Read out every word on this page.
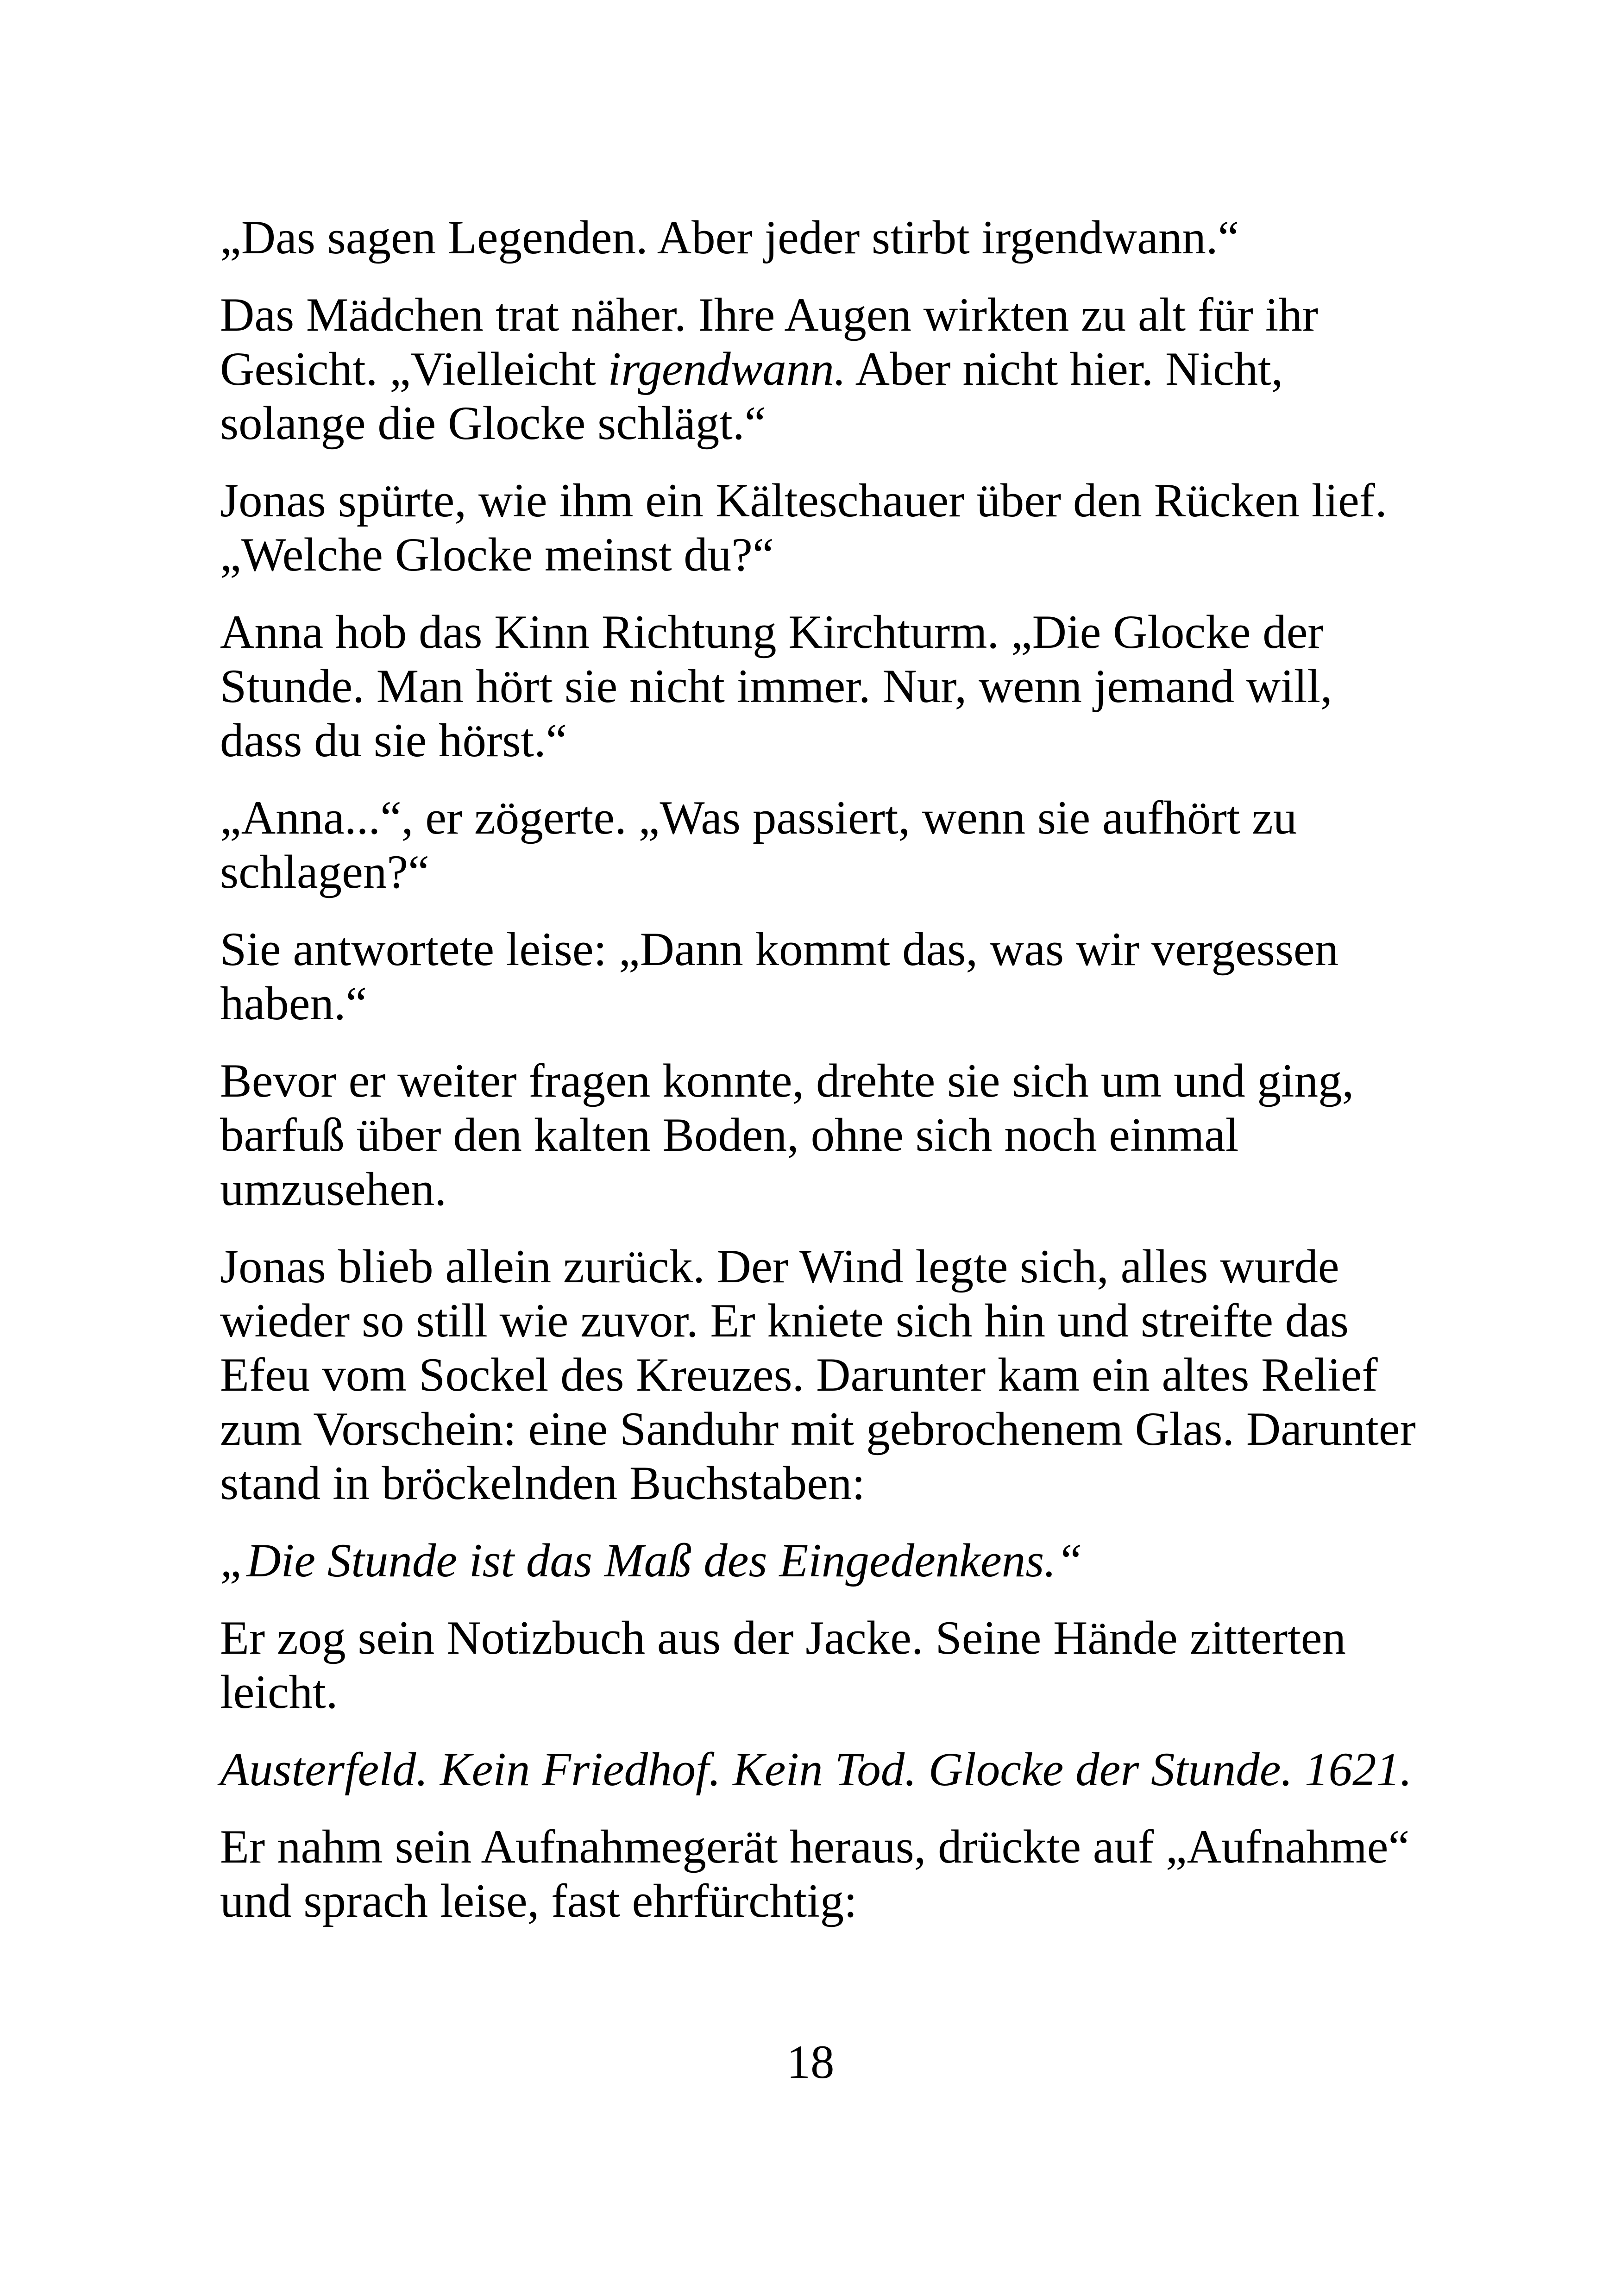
„Das sagen Legenden. Aber jeder stirbt irgendwann.“

Das Mädchen trat näher. Ihre Augen wirkten zu alt für ihr Gesicht. „Vielleicht irgendwann. Aber nicht hier. Nicht, solange die Glocke schlägt.“

Jonas spürte, wie ihm ein Kälteschauer über den Rücken lief. „Welche Glocke meinst du?“

Anna hob das Kinn Richtung Kirchturm. „Die Glocke der Stunde. Man hört sie nicht immer. Nur, wenn jemand will, dass du sie hörst.“

„Anna...“, er zögerte. „Was passiert, wenn sie aufhört zu schlagen?“

Sie antwortete leise: „Dann kommt das, was wir vergessen haben.“

Bevor er weiter fragen konnte, drehte sie sich um und ging, barfuß über den kalten Boden, ohne sich noch einmal umzusehen.

Jonas blieb allein zurück. Der Wind legte sich, alles wurde wieder so still wie zuvor. Er kniete sich hin und streifte das Efeu vom Sockel des Kreuzes. Darunter kam ein altes Relief zum Vorschein: eine Sanduhr mit gebrochenem Glas. Darunter stand in bröckelnden Buchstaben:

„Die Stunde ist das Maß des Eingedenkens.“

Er zog sein Notizbuch aus der Jacke. Seine Hände zitterten leicht.

Austerfeld. Kein Friedhof. Kein Tod. Glocke der Stunde. 1621.

Er nahm sein Aufnahmegerät heraus, drückte auf „Aufnahme“ und sprach leise, fast ehrfürchtig:

18
